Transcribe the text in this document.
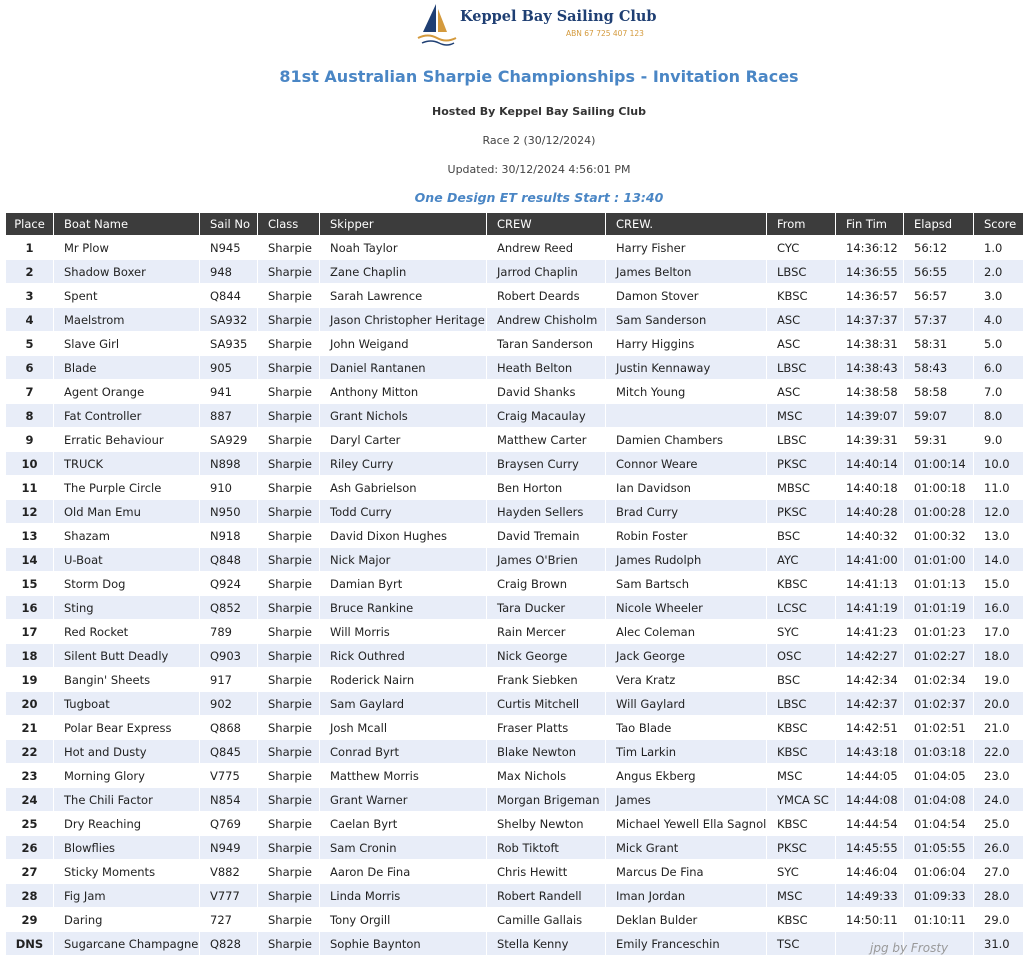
Keppel Bay Sailing Club
ABN 67 725 407 123
81st Australian Sharpie Championships - Invitation Races
Hosted By Keppel Bay Sailing Club
Race 2 (30/12/2024)
Updated: 30/12/2024 4:56:01 PM
One Design ET results Start : 13:40
Place	Boat Name	Sail No	Class	Skipper	CREW	CREW.	From	Fin Tim	Elapsd	Score
1	Mr Plow	N945	Sharpie	Noah Taylor	Andrew Reed	Harry Fisher	CYC	14:36:12	56:12	1.0
2	Shadow Boxer	948	Sharpie	Zane Chaplin	Jarrod Chaplin	James Belton	LBSC	14:36:55	56:55	2.0
3	Spent	Q844	Sharpie	Sarah Lawrence	Robert Deards	Damon Stover	KBSC	14:36:57	56:57	3.0
4	Maelstrom	SA932	Sharpie	Jason Christopher Heritage	Andrew Chisholm	Sam Sanderson	ASC	14:37:37	57:37	4.0
5	Slave Girl	SA935	Sharpie	John Weigand	Taran Sanderson	Harry Higgins	ASC	14:38:31	58:31	5.0
6	Blade	905	Sharpie	Daniel Rantanen	Heath Belton	Justin Kennaway	LBSC	14:38:43	58:43	6.0
7	Agent Orange	941	Sharpie	Anthony Mitton	David Shanks	Mitch Young	ASC	14:38:58	58:58	7.0
8	Fat Controller	887	Sharpie	Grant Nichols	Craig Macaulay		MSC	14:39:07	59:07	8.0
9	Erratic Behaviour	SA929	Sharpie	Daryl Carter	Matthew Carter	Damien Chambers	LBSC	14:39:31	59:31	9.0
10	TRUCK	N898	Sharpie	Riley Curry	Braysen Curry	Connor Weare	PKSC	14:40:14	01:00:14	10.0
11	The Purple Circle	910	Sharpie	Ash Gabrielson	Ben Horton	Ian Davidson	MBSC	14:40:18	01:00:18	11.0
12	Old Man Emu	N950	Sharpie	Todd Curry	Hayden Sellers	Brad Curry	PKSC	14:40:28	01:00:28	12.0
13	Shazam	N918	Sharpie	David Dixon Hughes	David Tremain	Robin Foster	BSC	14:40:32	01:00:32	13.0
14	U-Boat	Q848	Sharpie	Nick Major	James O'Brien	James Rudolph	AYC	14:41:00	01:01:00	14.0
15	Storm Dog	Q924	Sharpie	Damian Byrt	Craig Brown	Sam Bartsch	KBSC	14:41:13	01:01:13	15.0
16	Sting	Q852	Sharpie	Bruce Rankine	Tara Ducker	Nicole Wheeler	LCSC	14:41:19	01:01:19	16.0
17	Red Rocket	789	Sharpie	Will Morris	Rain Mercer	Alec Coleman	SYC	14:41:23	01:01:23	17.0
18	Silent Butt Deadly	Q903	Sharpie	Rick Outhred	Nick George	Jack George	OSC	14:42:27	01:02:27	18.0
19	Bangin' Sheets	917	Sharpie	Roderick Nairn	Frank Siebken	Vera Kratz	BSC	14:42:34	01:02:34	19.0
20	Tugboat	902	Sharpie	Sam Gaylard	Curtis Mitchell	Will Gaylard	LBSC	14:42:37	01:02:37	20.0
21	Polar Bear Express	Q868	Sharpie	Josh Mcall	Fraser Platts	Tao Blade	KBSC	14:42:51	01:02:51	21.0
22	Hot and Dusty	Q845	Sharpie	Conrad Byrt	Blake Newton	Tim Larkin	KBSC	14:43:18	01:03:18	22.0
23	Morning Glory	V775	Sharpie	Matthew Morris	Max Nichols	Angus Ekberg	MSC	14:44:05	01:04:05	23.0
24	The Chili Factor	N854	Sharpie	Grant Warner	Morgan Brigeman	James	YMCA SC	14:44:08	01:04:08	24.0
25	Dry Reaching	Q769	Sharpie	Caelan Byrt	Shelby Newton	Michael Yewell Ella Sagnol	KBSC	14:44:54	01:04:54	25.0
26	Blowflies	N949	Sharpie	Sam Cronin	Rob Tiktoft	Mick Grant	PKSC	14:45:55	01:05:55	26.0
27	Sticky Moments	V882	Sharpie	Aaron De Fina	Chris Hewitt	Marcus De Fina	SYC	14:46:04	01:06:04	27.0
28	Fig Jam	V777	Sharpie	Linda Morris	Robert Randell	Iman Jordan	MSC	14:49:33	01:09:33	28.0
29	Daring	727	Sharpie	Tony Orgill	Camille Gallais	Deklan Bulder	KBSC	14:50:11	01:10:11	29.0
DNS	Sugarcane Champagne	Q828	Sharpie	Sophie Baynton	Stella Kenny	Emily Franceschin	TSC			31.0
jpg by Frosty
